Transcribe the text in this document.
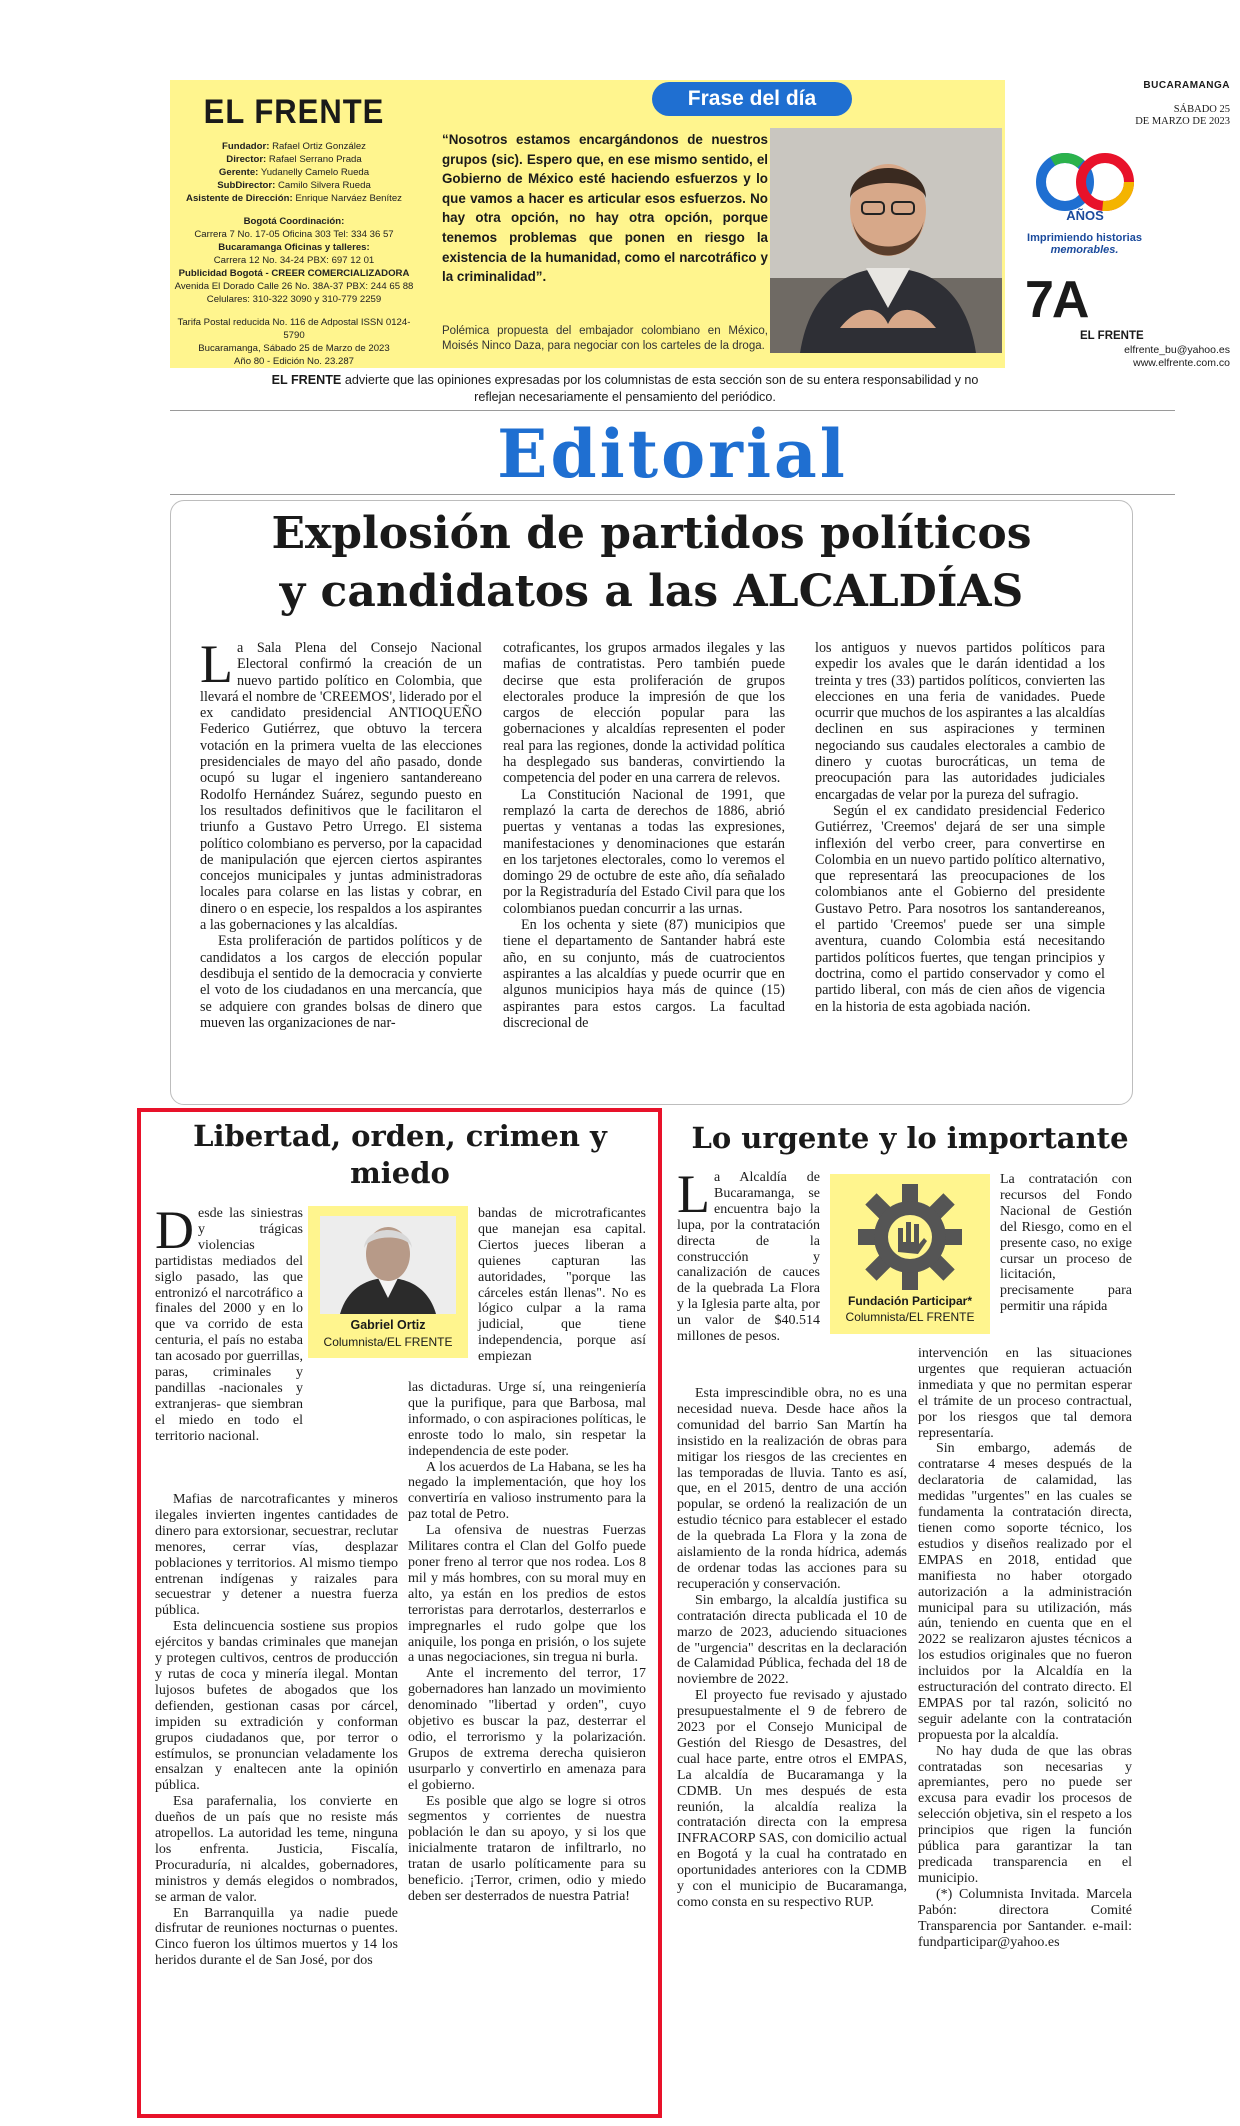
EL FRENTE
Fundador: Rafael Ortiz González
Director: Rafael Serrano Prada
Gerente: Yudanelly Camelo Rueda
SubDirector: Camilo Silvera Rueda
Asistente de Dirección: Enrique Narváez Benítez
Bogotá Coordinación:
Carrera 7 No. 17-05 Oficina 303 Tel: 334 36 57
Bucaramanga Oficinas y talleres:
Carrera 12 No. 34-24 PBX: 697 12 01
Publicidad Bogotá - CREER COMERCIALIZADORA
Avenida El Dorado Calle 26 No. 38A-37 PBX: 244 65 88
Celulares: 310-322 3090 y 310-779 2259
Tarifa Postal reducida No. 116 de Adpostal ISSN 0124-5790
Bucaramanga, Sábado 25 de Marzo de 2023
Año 80 - Edición No. 23.287
Frase del día
“Nosotros estamos encargándonos de nuestros grupos (sic). Espero que, en ese mismo sentido, el Gobierno de México esté haciendo esfuerzos y lo que vamos a hacer es articular esos esfuerzos. No hay otra opción, no hay otra opción, porque tenemos problemas que ponen en riesgo la existencia de la humanidad, como el narcotráfico y la criminalidad”.
Polémica propuesta del embajador colombiano en México, Moisés Ninco Daza, para negociar con los carteles de la droga.
BUCARAMANGA
SÁBADO 25
DE MARZO DE 2023
AÑOS
Imprimiendo historias
memorables.
7A
EL FRENTE
elfrente_bu@yahoo.es
www.elfrente.com.co
EL FRENTE advierte que las opiniones expresadas por los columnistas de esta sección son de su entera responsabilidad y no reflejan necesariamente el pensamiento del periódico.
Editorial
Explosión de partidos políticos
y candidatos a las ALCALDÍAS

La Sala Plena del Consejo Nacional Electoral confirmó la creación de un nuevo partido político en Colombia, que llevará el nombre de 'CREEMOS', liderado por el ex candidato presidencial ANTIOQUEÑO Federico Gutiérrez, que obtuvo la tercera votación en la primera vuelta de las elecciones presidenciales de mayo del año pasado, donde ocupó su lugar el ingeniero santandereano Rodolfo Hernández Suárez, segundo puesto en los resultados definitivos que le facilitaron el triunfo a Gustavo Petro Urrego. El sistema político colombiano es perverso, por la capacidad de manipulación que ejercen ciertos aspirantes concejos municipales y juntas administradoras locales para colarse en las listas y cobrar, en dinero o en especie, los respaldos a los aspirantes a las gobernaciones y las alcaldías.

Esta proliferación de partidos políticos y de candidatos a los cargos de elección popular desdibuja el sentido de la democracia y convierte el voto de los ciudadanos en una mercancía, que se adquiere con grandes bolsas de dinero que mueven las organizaciones de nar-

cotraficantes, los grupos armados ilegales y las mafias de contratistas. Pero también puede decirse que esta proliferación de grupos electorales produce la impresión de que los cargos de elección popular para las gobernaciones y alcaldías representen el poder real para las regiones, donde la actividad política ha desplegado sus banderas, convirtiendo la competencia del poder en una carrera de relevos.

La Constitución Nacional de 1991, que remplazó la carta de derechos de 1886, abrió puertas y ventanas a todas las expresiones, manifestaciones y denominaciones que estarán en los tarjetones electorales, como lo veremos el domingo 29 de octubre de este año, día señalado por la Registraduría del Estado Civil para que los colombianos puedan concurrir a las urnas.

En los ochenta y siete (87) municipios que tiene el departamento de Santander habrá este año, en su conjunto, más de cuatrocientos aspirantes a las alcaldías y puede ocurrir que en algunos municipios haya más de quince (15) aspirantes para estos cargos. La facultad discrecional de

los antiguos y nuevos partidos políticos para expedir los avales que le darán identidad a los treinta y tres (33) partidos políticos, convierten las elecciones en una feria de vanidades. Puede ocurrir que muchos de los aspirantes a las alcaldías declinen en sus aspiraciones y terminen negociando sus caudales electorales a cambio de dinero y cuotas burocráticas, un tema de preocupación para las autoridades judiciales encargadas de velar por la pureza del sufragio.

Según el ex candidato presidencial Federico Gutiérrez, 'Creemos' dejará de ser una simple inflexión del verbo creer, para convertirse en Colombia en un nuevo partido político alternativo, que representará las preocupaciones de los colombianos ante el Gobierno del presidente Gustavo Petro. Para nosotros los santandereanos, el partido 'Creemos' puede ser una simple aventura, cuando Colombia está necesitando partidos políticos fuertes, que tengan principios y doctrina, como el partido conservador y como el partido liberal, con más de cien años de vigencia en la historia de esta agobiada nación.

Libertad, orden, crimen y miedo
Gabriel Ortiz
Columnista/EL FRENTE

Desde las siniestras y trágicas violencias partidistas mediados del siglo pasado, las que entronizó el narcotráfico a finales del 2000 y en lo que va corrido de esta centuria, el país no estaba tan acosado por guerrillas, paras, criminales y pandillas -nacionales y extranjeras- que siembran el miedo en todo el territorio nacional.

Mafias de narcotraficantes y mineros ilegales invierten ingentes cantidades de dinero para extorsionar, secuestrar, reclutar menores, cerrar vías, desplazar poblaciones y territorios. Al mismo tiempo entrenan indígenas y raizales para secuestrar y detener a nuestra fuerza pública.

Esta delincuencia sostiene sus propios ejércitos y bandas criminales que manejan y protegen cultivos, centros de producción y rutas de coca y minería ilegal. Montan lujosos bufetes de abogados que los defienden, gestionan casas por cárcel, impiden su extradición y conforman grupos ciudadanos que, por terror o estímulos, se pronuncian veladamente los ensalzan y enaltecen ante la opinión pública.

Esa parafernalia, los convierte en dueños de un país que no resiste más atropellos. La autoridad les teme, ninguna los enfrenta. Justicia, Fiscalía, Procuraduría, ni alcaldes, gobernadores, ministros y demás elegidos o nombrados, se arman de valor.

En Barranquilla ya nadie puede disfrutar de reuniones nocturnas o puentes. Cinco fueron los últimos muertos y 14 los heridos durante el de San José, por dos

bandas de microtraficantes que manejan esa capital. Ciertos jueces liberan a quienes capturan las autoridades, "porque las cárceles están llenas". No es lógico culpar a la rama judicial, que tiene independencia, porque así empiezan

las dictaduras. Urge sí, una reingeniería que la purifique, para que Barbosa, mal informado, o con aspiraciones políticas, le enroste todo lo malo, sin respetar la independencia de este poder.

A los acuerdos de La Habana, se les ha negado la implementación, que hoy los convertiría en valioso instrumento para la paz total de Petro.

La ofensiva de nuestras Fuerzas Militares contra el Clan del Golfo puede poner freno al terror que nos rodea. Los 8 mil y más hombres, con su moral muy en alto, ya están en los predios de estos terroristas para derrotarlos, desterrarlos e impregnarles el rudo golpe que los aniquile, los ponga en prisión, o los sujete a unas negociaciones, sin tregua ni burla.

Ante el incremento del terror, 17 gobernadores han lanzado un movimiento denominado "libertad y orden", cuyo objetivo es buscar la paz, desterrar el odio, el terrorismo y la polarización. Grupos de extrema derecha quisieron usurparlo y convertirlo en amenaza para el gobierno.

Es posible que algo se logre si otros segmentos y corrientes de nuestra población le dan su apoyo, y si los que inicialmente trataron de infiltrarlo, no tratan de usarlo políticamente para su beneficio. ¡Terror, crimen, odio y miedo deben ser desterrados de nuestra Patria!

Lo urgente y lo importante
Fundación Participar*
Columnista/EL FRENTE

La Alcaldía de Bucaramanga, se encuentra bajo la lupa, por la contratación directa de la construcción y canalización de cauces de la quebrada La Flora y la Iglesia parte alta, por un valor de $40.514 millones de pesos.

Esta imprescindible obra, no es una necesidad nueva. Desde hace años la comunidad del barrio San Martín ha insistido en la realización de obras para mitigar los riesgos de las crecientes en las temporadas de lluvia. Tanto es así, que, en el 2015, dentro de una acción popular, se ordenó la realización de un estudio técnico para establecer el estado de la quebrada La Flora y la zona de aislamiento de la ronda hídrica, además de ordenar todas las acciones para su recuperación y conservación.

Sin embargo, la alcaldía justifica su contratación directa publicada el 10 de marzo de 2023, aduciendo situaciones de "urgencia" descritas en la declaración de Calamidad Pública, fechada del 18 de noviembre de 2022.

El proyecto fue revisado y ajustado presupuestalmente el 9 de febrero de 2023 por el Consejo Municipal de Gestión del Riesgo de Desastres, del cual hace parte, entre otros el EMPAS, La alcaldía de Bucaramanga y la CDMB. Un mes después de esta reunión, la alcaldía realiza la contratación directa con la empresa INFRACORP SAS, con domicilio actual en Bogotá y la cual ha contratado en oportunidades anteriores con la CDMB y con el municipio de Bucaramanga, como consta en su respectivo RUP.

La contratación con recursos del Fondo Nacional de Gestión del Riesgo, como en el presente caso, no exige cursar un proceso de licitación, precisamente para permitir una rápida

intervención en las situaciones urgentes que requieran actuación inmediata y que no permitan esperar el trámite de un proceso contractual, por los riesgos que tal demora representaría.

Sin embargo, además de contratarse 4 meses después de la declaratoria de calamidad, las medidas "urgentes" en las cuales se fundamenta la contratación directa, tienen como soporte técnico, los estudios y diseños realizado por el EMPAS en 2018, entidad que manifiesta no haber otorgado autorización a la administración municipal para su utilización, más aún, teniendo en cuenta que en el 2022 se realizaron ajustes técnicos a los estudios originales que no fueron incluidos por la Alcaldía en la estructuración del contrato directo. El EMPAS por tal razón, solicitó no seguir adelante con la contratación propuesta por la alcaldía.

No hay duda de que las obras contratadas son necesarias y apremiantes, pero no puede ser excusa para evadir los procesos de selección objetiva, sin el respeto a los principios que rigen la función pública para garantizar la tan predicada transparencia en el municipio.

(*) Columnista Invitada. Marcela Pabón: directora Comité Transparencia por Santander. e-mail: fundparticipar@yahoo.es
